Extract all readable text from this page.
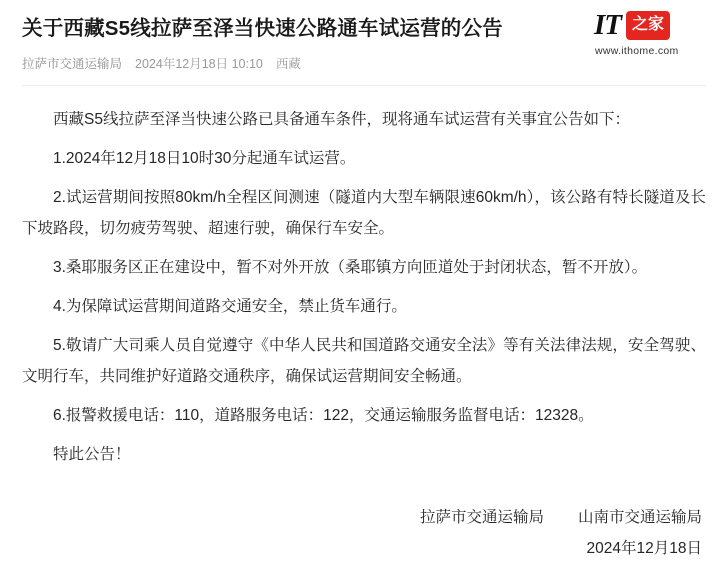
关于西藏S5线拉萨至泽当快速公路通车试运营的公告
拉萨市交通运输局 2024年12月18日 10:10 西藏
IT 之家
www.ithome.com

西藏S5线拉萨至泽当快速公路已具备通车条件，现将通车试运营有关事宜公告如下：

1.2024年12月18日10时30分起通车试运营。

2.试运营期间按照80km/h全程区间测速（隧道内大型车辆限速60km/h），该公路有特长隧道及长下坡路段，切勿疲劳驾驶、超速行驶，确保行车安全。

3.桑耶服务区正在建设中，暂不对外开放（桑耶镇方向匝道处于封闭状态，暂不开放）。

4.为保障试运营期间道路交通安全，禁止货车通行。

5.敬请广大司乘人员自觉遵守《中华人民共和国道路交通安全法》等有关法律法规，安全驾驶、文明行车，共同维护好道路交通秩序，确保试运营期间安全畅通。

6.报警救援电话：110，道路服务电话：122，交通运输服务监督电话：12328。

特此公告！

拉萨市交通运输局 山南市交通运输局
2024年12月18日
